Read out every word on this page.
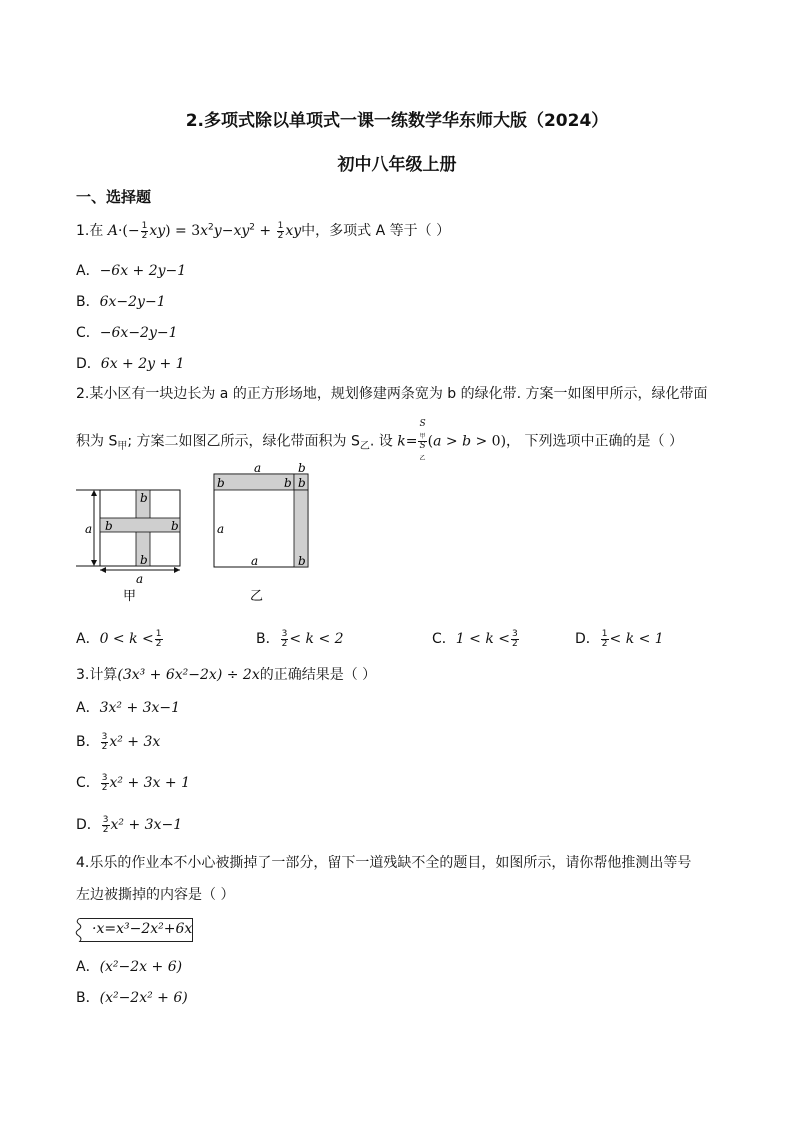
2.多项式除以单项式一课一练数学华东师大版（2024）
初中八年级上册
一、选择题
1.在 $A\cdot(- \frac{1}{2} xy) = 3x^2y-xy^2 + \frac{1}{2}$ xy中，多项式 A 等于（ ）
A．−6x + 2y−1
B．6x−2y−1
C．−6x−2y−1
D．6x + 2y + 1
2.某小区有一块边长为 a 的正方形场地，规划修建两条宽为 b 的绿化带. 方案一如图甲所示，绿化带面
积为 $S_甲$; 方案二如图乙所示，绿化带面积为 $S_乙$. 设 k= S
$_甲$
S
$_乙$ (a > b > 0)， 下列选项中正确的是（ ）
a
b
b	b
b
a
甲
a	b
b	b b
a
a	b
乙
A．$0 < k < \frac{1}{2}$	B． $\frac{3}{2} < k < 2$	C．$1 < k < \frac{3}{2}$	D． $\frac{1}{2} < k < 1$
3.计算(3x³ + 6x²−2x) ÷ 2x的正确结果是（ ）
A．3x² + 3x−1
B． $\frac{3}{2} x^2 + 3x$
C． $\frac{3}{2} x^2 + 3x + 1$
D． $\frac{3}{2} x^2 + 3x-1$
4.乐乐的作业本不小心被撕掉了一部分，留下一道残缺不全的题目，如图所示，请你帮他推测出等号
左边被撕掉的内容是（ ）
·x=x³−2x²+6x
A．(x²−2x + 6)
B．(x²−2x² + 6)
